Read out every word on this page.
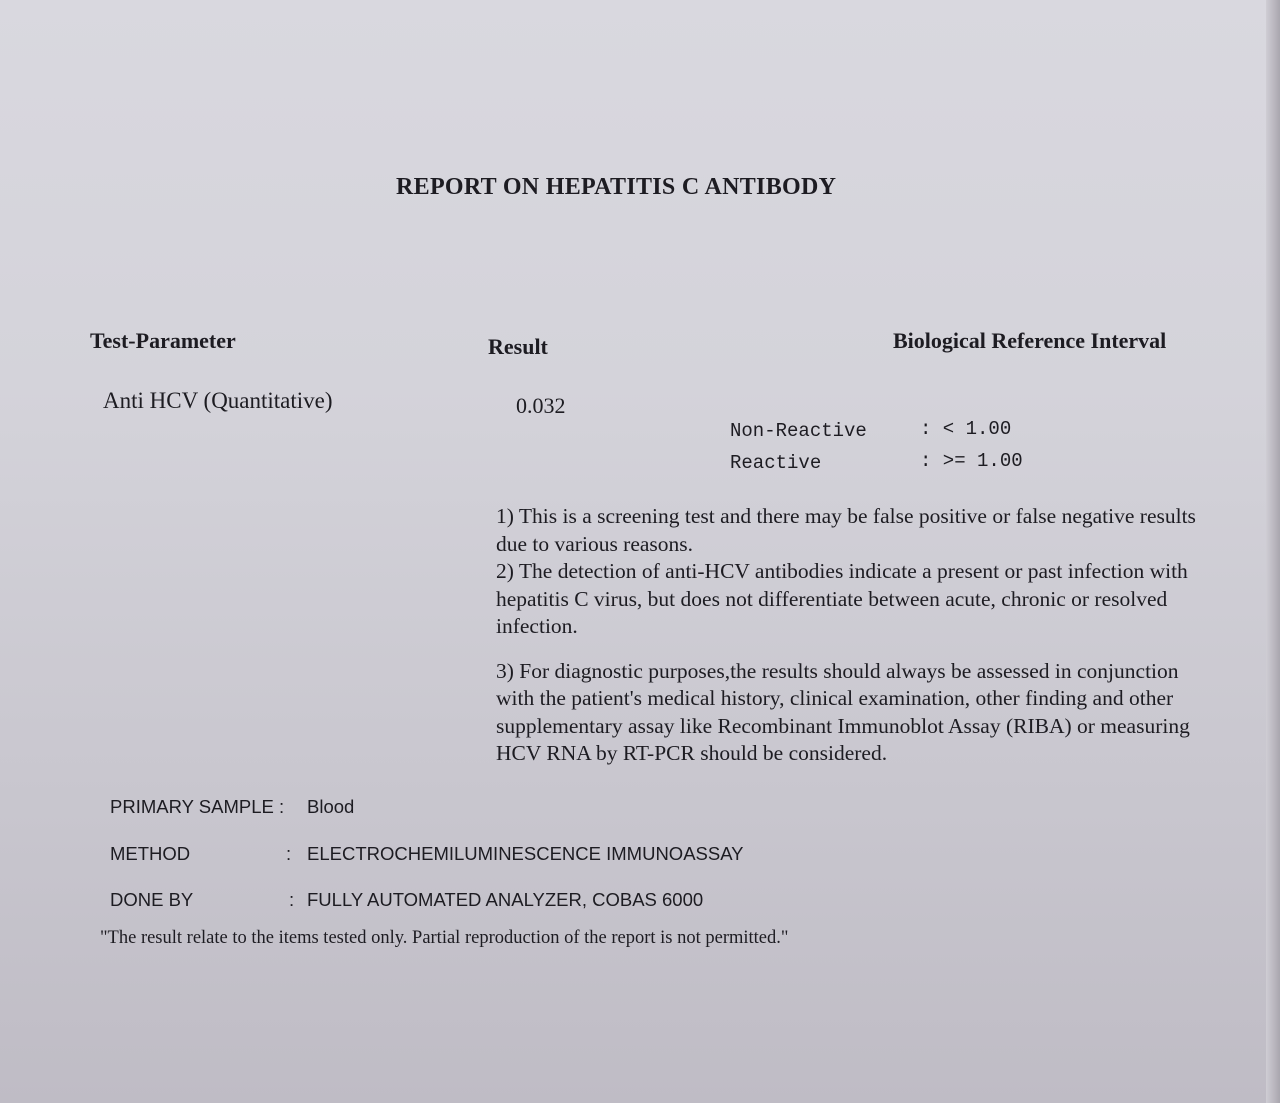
REPORT ON HEPATITIS C ANTIBODY
Test-Parameter	Result	Biological Reference Interval
Anti HCV (Quantitative)	0.032
Non-Reactive	: < 1.00
Reactive	: >= 1.00

1) This is a screening test and there may be false positive or false negative results due to various reasons.

2) The detection of anti-HCV antibodies indicate a present or past infection with hepatitis C virus, but does not differentiate between acute, chronic or resolved infection.

3) For diagnostic purposes,the results should always be assessed in conjunction with the patient's medical history, clinical examination, other finding and other supplementary assay like Recombinant Immunoblot Assay (RIBA) or measuring HCV RNA by RT-PCR should be considered.

PRIMARY SAMPLE : Blood
METHOD	: ELECTROCHEMILUMINESCENCE IMMUNOASSAY
DONE BY	: FULLY AUTOMATED ANALYZER, COBAS 6000
"The result relate to the items tested only. Partial reproduction of the report is not permitted."
